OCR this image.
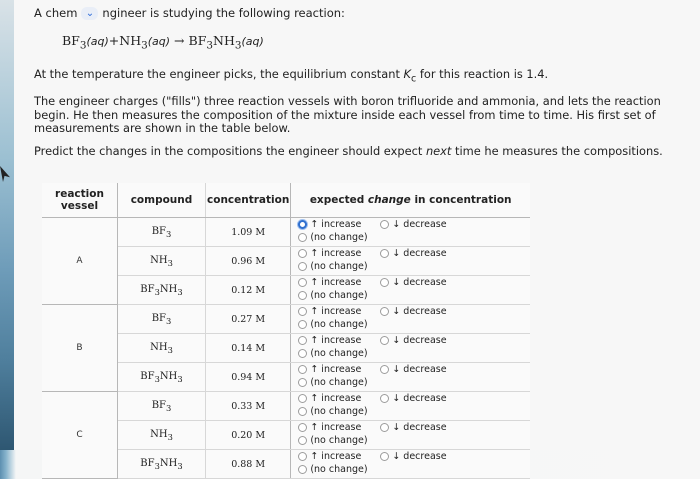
A chem ⌄ ngineer is studying the following reaction:
$BF_3(aq)+NH_3(aq) \to BF_3NH_3(aq)$
At the temperature the engineer picks, the equilibrium constant $K_c$ for this reaction is 1.4.
The engineer charges ("fills") three reaction vessels with boron trifluoride and ammonia, and lets the reaction begin. He then measures the composition of the mixture inside each vessel from time to time. His first set of measurements are shown in the table below.
Predict the changes in the compositions the engineer should expect next time he measures the compositions.
reaction vessel	compound	concentration	expected change in concentration
A	$BF_3$	1.09 M	↑ increase ↓ decrease
(no change)

	$NH_3$	0.96 M	↑ increase ↓ decrease
(no change)

	$BF_3NH_3$	0.12 M	↑ increase ↓ decrease
(no change)

B	$BF_3$	0.27 M	↑ increase ↓ decrease
(no change)

	$NH_3$	0.14 M	↑ increase ↓ decrease
(no change)

	$BF_3NH_3$	0.94 M	↑ increase ↓ decrease
(no change)

C	$BF_3$	0.33 M	↑ increase ↓ decrease
(no change)

	$NH_3$	0.20 M	↑ increase ↓ decrease
(no change)

	$BF_3NH_3$	0.88 M	↑ increase ↓ decrease
(no change)
